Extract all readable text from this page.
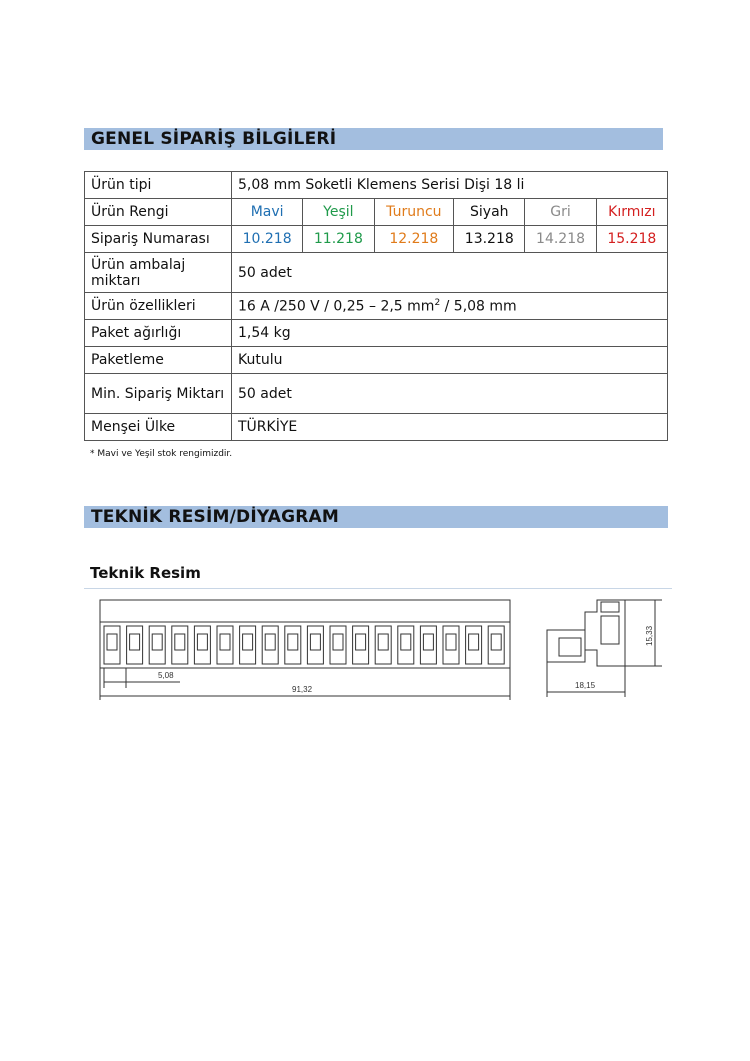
GENEL SİPARİŞ BİLGİLERİ
Ürün tipi	5,08 mm Soketli Klemens Serisi Dişi 18 li					
Ürün Rengi	Mavi	Yeşil	Turuncu	Siyah	Gri	Kırmızı
Sipariş Numarası	10.218	11.218	12.218	13.218	14.218	15.218
Ürün ambalaj miktarı	50 adet					
Ürün özellikleri	16 A /250 V / 0,25 – 2,5 $mm^2 / 5,08$ mm					
Paket ağırlığı	1,54 kg					
Paketleme	Kutulu					
Min. Sipariş Miktarı	50 adet					
Menşei Ülke	TÜRKİYE					
* Mavi ve Yeşil stok rengimizdir.
TEKNİK RESİM/DİYAGRAM
Teknik Resim
5,08
91,32	18,15
15,33
